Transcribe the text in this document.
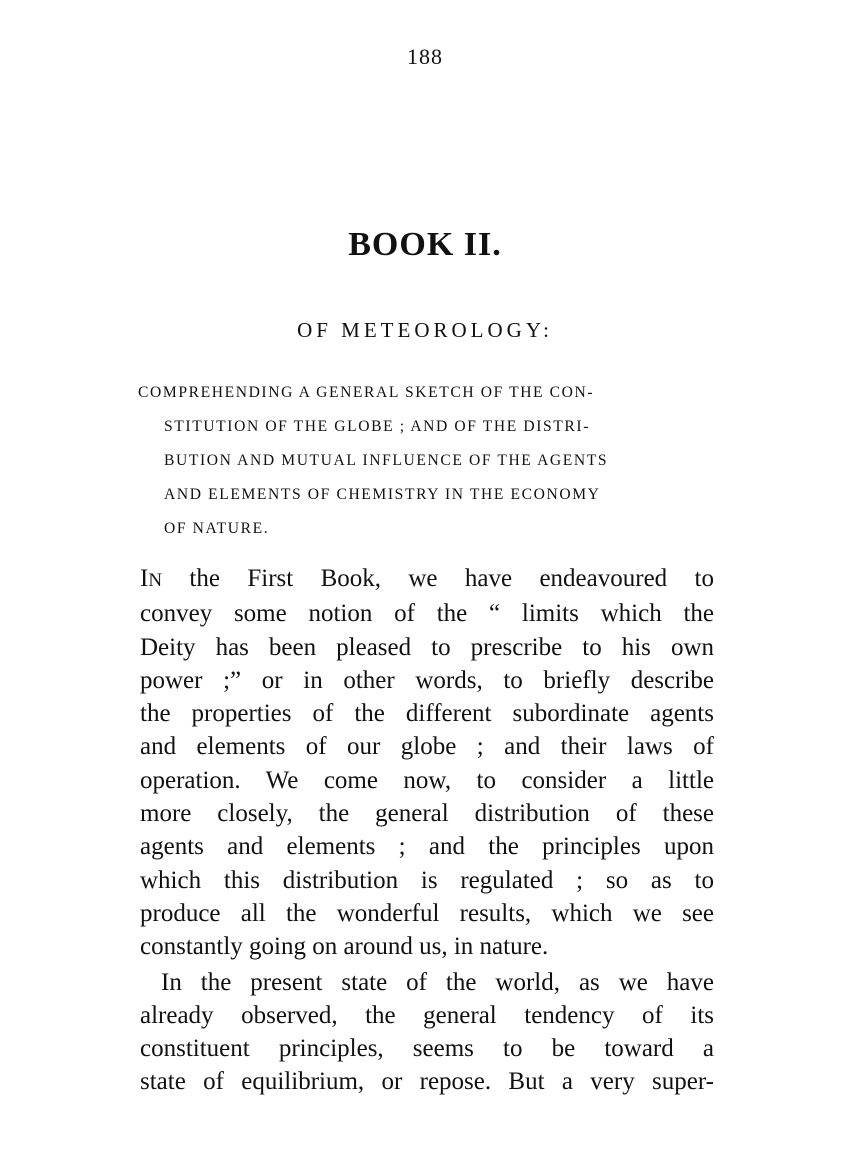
188
BOOK II.
OF METEOROLOGY:
COMPREHENDING A GENERAL SKETCH OF THE CON-
STITUTION OF THE GLOBE ; AND OF THE DISTRI-
BUTION AND MUTUAL INFLUENCE OF THE AGENTS
AND ELEMENTS OF CHEMISTRY IN THE ECONOMY
OF NATURE.
IN the First Book, we have endeavoured to
convey some notion of the “ limits which the
Deity has been pleased to prescribe to his own
power ;” or in other words, to briefly describe
the properties of the different subordinate agents
and elements of our globe ; and their laws of
operation. We come now, to consider a little
more closely, the general distribution of these
agents and elements ; and the principles upon
which this distribution is regulated ; so as to
produce all the wonderful results, which we see
constantly going on around us, in nature.
In the present state of the world, as we have
already observed, the general tendency of its
constituent principles, seems to be toward a
state of equilibrium, or repose. But a very super-
